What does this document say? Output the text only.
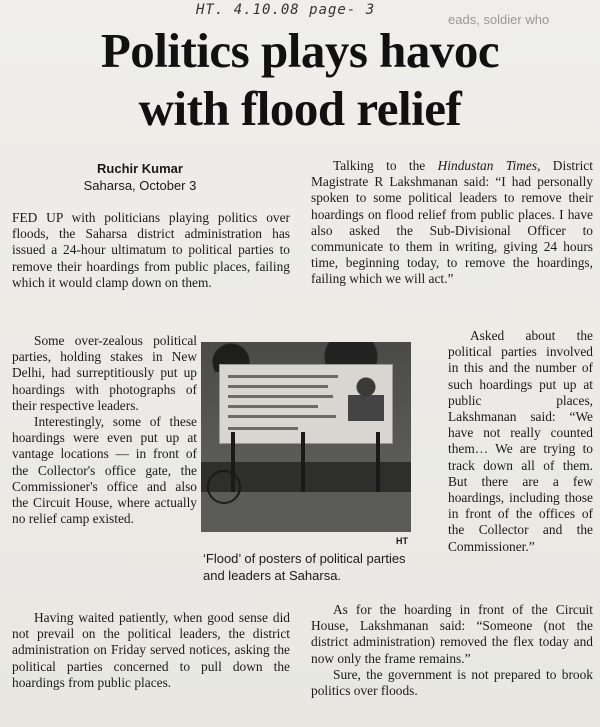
HT. 4.10.08 page- 3
eads, soldier who
Politics plays havoc
with flood relief
Ruchir Kumar
Saharsa, October 3

FED UP with politicians playing politics over floods, the Saharsa district administration has issued a 24-hour ultimatum to political parties to remove their hoardings from public places, failing which it would clamp down on them.

Some over-zealous political parties, holding stakes in New Delhi, had surreptitiously put up hoardings with photographs of their respective leaders.

Interestingly, some of these hoardings were even put up at vantage locations — in front of the Collector's office gate, the Commissioner's office and also the Circuit House, where actually no relief camp existed.

Having waited patiently, when good sense did not prevail on the political leaders, the district administration on Friday served notices, asking the political parties concerned to pull down the hoardings from public places.

Talking to the Hindustan Times, District Magistrate R Lakshmanan said: “I had personally spoken to some political leaders to remove their hoardings on flood relief from public places. I have also asked the Sub-Divisional Officer to communicate to them in writing, giving 24 hours time, beginning today, to remove the hoardings, failing which we will act.”

Asked about the political parties involved in this and the number of such hoardings put up at public places, Lakshmanan said: “We have not really counted them… We are trying to track down all of them. But there are a few hoardings, including those in front of the offices of the Collector and the Commissioner.”

As for the hoarding in front of the Circuit House, Lakshmanan said: “Someone (not the district administration) removed the flex today and now only the frame remains.”

Sure, the government is not prepared to brook politics over floods.

HT
‘Flood’ of posters of political parties and leaders at Saharsa.
